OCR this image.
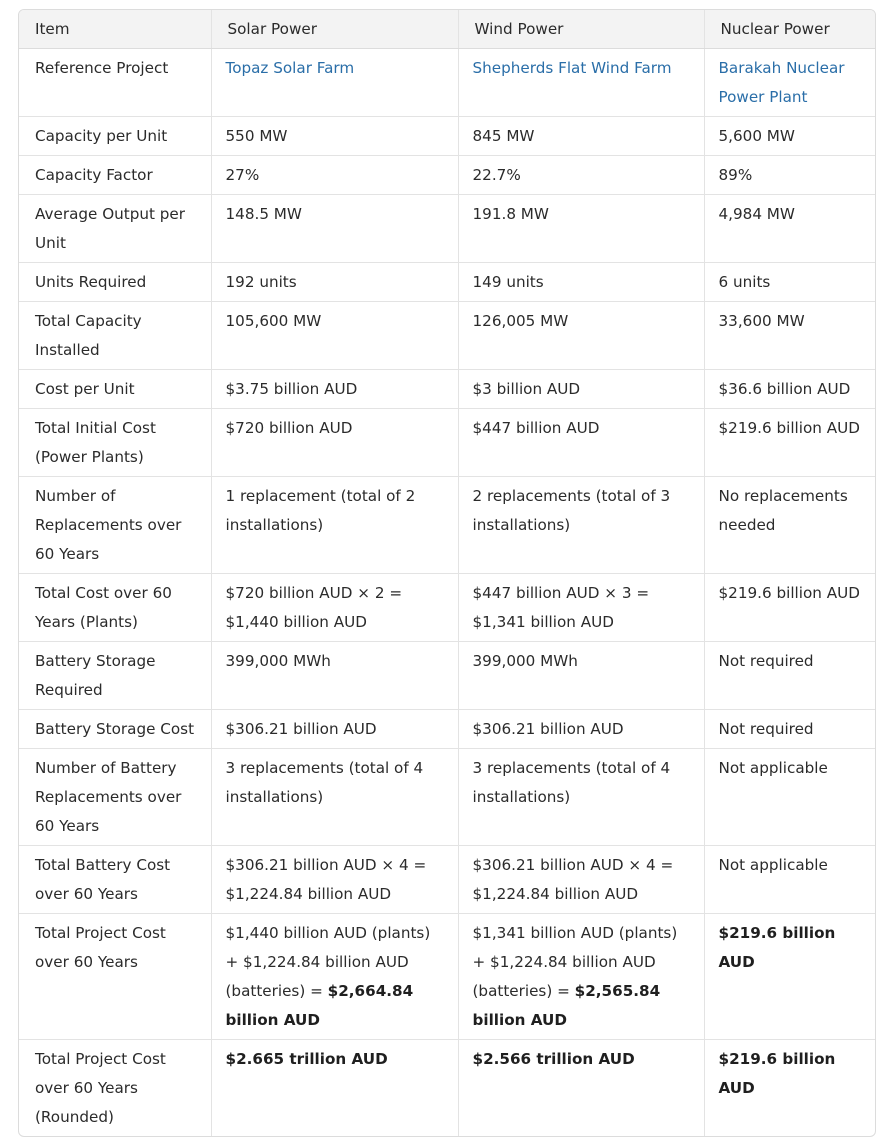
Item	Solar Power	Wind Power	Nuclear Power
Reference Project	Topaz Solar Farm	Shepherds Flat Wind Farm	Barakah Nuclear Power Plant
Capacity per Unit	550 MW	845 MW	5,600 MW
Capacity Factor	27%	22.7%	89%
Average Output per Unit	148.5 MW	191.8 MW	4,984 MW
Units Required	192 units	149 units	6 units
Total Capacity Installed	105,600 MW	126,005 MW	33,600 MW
Cost per Unit	$3.75 billion AUD	$3 billion AUD	$36.6 billion AUD
Total Initial Cost (Power Plants)	$720 billion AUD	$447 billion AUD	$219.6 billion AUD
Number of Replacements over 60 Years	1 replacement (total of 2 installations)	2 replacements (total of 3 installations)	No replacements needed
Total Cost over 60 Years (Plants)	$720 billion AUD × 2 = $1,440 billion AUD	$447 billion AUD × 3 = $1,341 billion AUD	$219.6 billion AUD
Battery Storage Required	399,000 MWh	399,000 MWh	Not required
Battery Storage Cost	$306.21 billion AUD	$306.21 billion AUD	Not required
Number of Battery Replacements over 60 Years	3 replacements (total of 4 installations)	3 replacements (total of 4 installations)	Not applicable
Total Battery Cost over 60 Years	$306.21 billion AUD × 4 = $1,224.84 billion AUD	$306.21 billion AUD × 4 = $1,224.84 billion AUD	Not applicable
Total Project Cost over 60 Years	$1,440 billion AUD (plants) + $1,224.84 billion AUD (batteries) = $2,664.84 billion AUD	$1,341 billion AUD (plants) + $1,224.84 billion AUD (batteries) = $2,565.84 billion AUD	$219.6 billion AUD
Total Project Cost over 60 Years (Rounded)	$2.665 trillion AUD	$2.566 trillion AUD	$219.6 billion AUD
